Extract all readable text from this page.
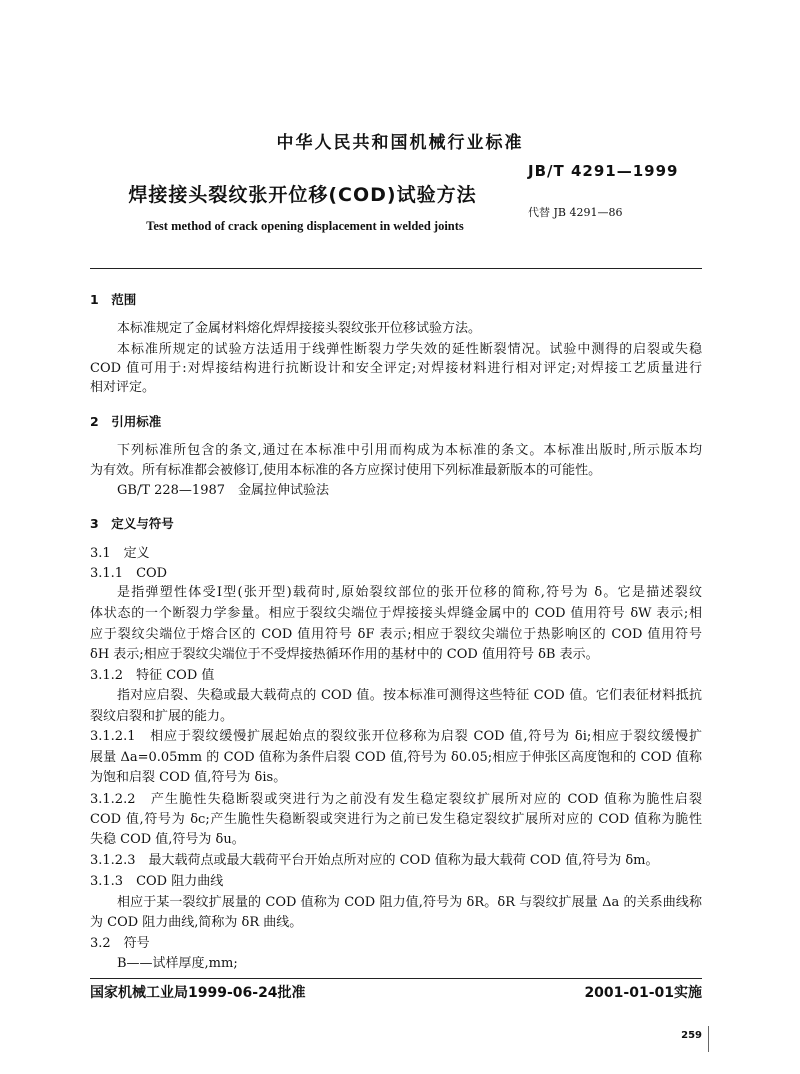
中华人民共和国机械行业标准
JB/T 4291—1999
焊接接头裂纹张开位移(COD)试验方法
代替 JB 4291—86
Test method of crack opening displacement in welded joints
1　范围
本标准规定了金属材料熔化焊焊接接头裂纹张开位移试验方法。
本标准所规定的试验方法适用于线弹性断裂力学失效的延性断裂情况。试验中测得的启裂或失稳
COD 值可用于:对焊接结构进行抗断设计和安全评定;对焊接材料进行相对评定;对焊接工艺质量进行
相对评定。
2　引用标准
下列标准所包含的条文,通过在本标准中引用而构成为本标准的条文。本标准出版时,所示版本均
为有效。所有标准都会被修订,使用本标准的各方应探讨使用下列标准最新版本的可能性。
GB/T 228—1987　金属拉伸试验法
3　定义与符号
3.1　定义
3.1.1　COD
是指弹塑性体受Ⅰ型(张开型)载荷时,原始裂纹部位的张开位移的简称,符号为 δ。它是描述裂纹
体状态的一个断裂力学参量。相应于裂纹尖端位于焊接接头焊缝金属中的 COD 值用符号 δW 表示;相
应于裂纹尖端位于熔合区的 COD 值用符号 δF 表示;相应于裂纹尖端位于热影响区的 COD 值用符号
δH 表示;相应于裂纹尖端位于不受焊接热循环作用的基材中的 COD 值用符号 δB 表示。
3.1.2　特征 COD 值
指对应启裂、失稳或最大载荷点的 COD 值。按本标准可测得这些特征 COD 值。它们表征材料抵抗
裂纹启裂和扩展的能力。
3.1.2.1　相应于裂纹缓慢扩展起始点的裂纹张开位移称为启裂 COD 值,符号为 δi;相应于裂纹缓慢扩
展量 Δa=0.05mm 的 COD 值称为条件启裂 COD 值,符号为 δ0.05;相应于伸张区高度饱和的 COD 值称
为饱和启裂 COD 值,符号为 δis。
3.1.2.2　产生脆性失稳断裂或突进行为之前没有发生稳定裂纹扩展所对应的 COD 值称为脆性启裂
COD 值,符号为 δc;产生脆性失稳断裂或突进行为之前已发生稳定裂纹扩展所对应的 COD 值称为脆性
失稳 COD 值,符号为 δu。
3.1.2.3　最大载荷点或最大载荷平台开始点所对应的 COD 值称为最大载荷 COD 值,符号为 δm。
3.1.3　COD 阻力曲线
相应于某一裂纹扩展量的 COD 值称为 COD 阻力值,符号为 δR。δR 与裂纹扩展量 Δa 的关系曲线称
为 COD 阻力曲线,简称为 δR 曲线。
3.2　符号
B——试样厚度,mm;
国家机械工业局1999-06-24批准	2001-01-01实施
259
